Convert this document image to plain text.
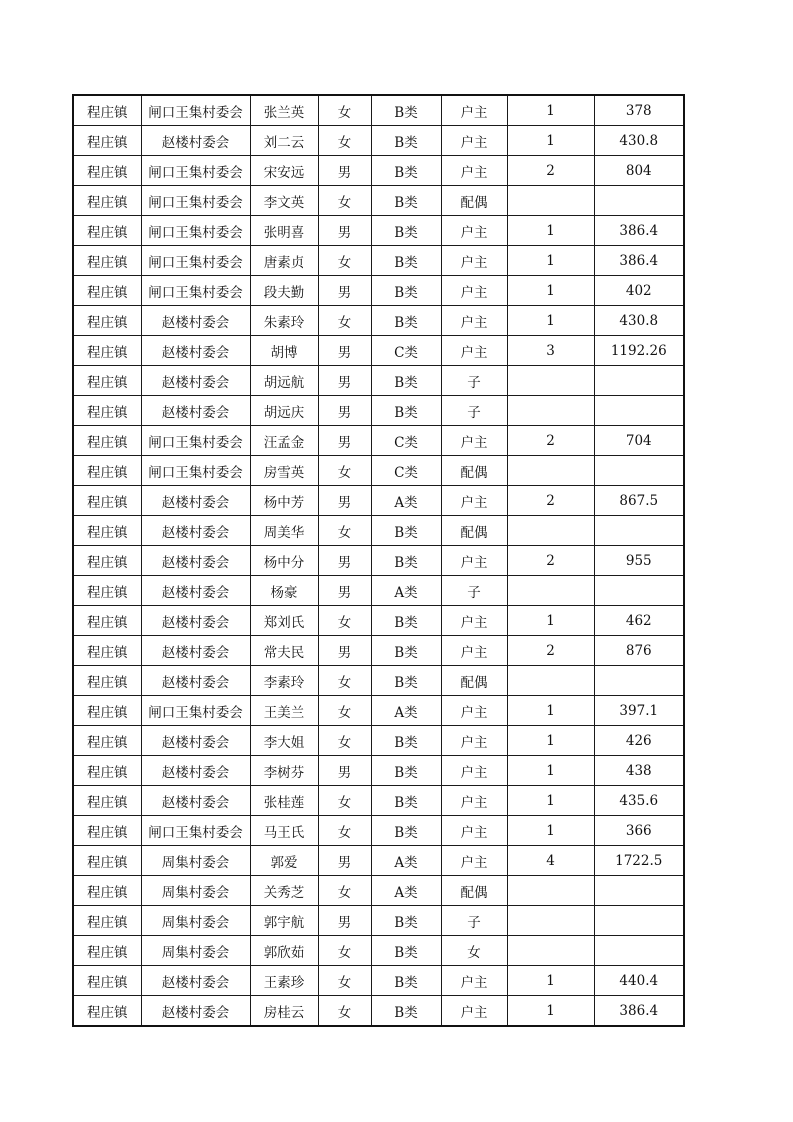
程庄镇	闸口王集村委会	张兰英	女	B类	户主	1	378
程庄镇	赵楼村委会	刘二云	女	B类	户主	1	430.8
程庄镇	闸口王集村委会	宋安远	男	B类	户主	2	804
程庄镇	闸口王集村委会	李文英	女	B类	配偶		
程庄镇	闸口王集村委会	张明喜	男	B类	户主	1	386.4
程庄镇	闸口王集村委会	唐素贞	女	B类	户主	1	386.4
程庄镇	闸口王集村委会	段夫勤	男	B类	户主	1	402
程庄镇	赵楼村委会	朱素玲	女	B类	户主	1	430.8
程庄镇	赵楼村委会	胡博	男	C类	户主	3	1192.26
程庄镇	赵楼村委会	胡远航	男	B类	子		
程庄镇	赵楼村委会	胡远庆	男	B类	子		
程庄镇	闸口王集村委会	汪孟金	男	C类	户主	2	704
程庄镇	闸口王集村委会	房雪英	女	C类	配偶		
程庄镇	赵楼村委会	杨中芳	男	A类	户主	2	867.5
程庄镇	赵楼村委会	周美华	女	B类	配偶		
程庄镇	赵楼村委会	杨中分	男	B类	户主	2	955
程庄镇	赵楼村委会	杨豪	男	A类	子		
程庄镇	赵楼村委会	郑刘氏	女	B类	户主	1	462
程庄镇	赵楼村委会	常夫民	男	B类	户主	2	876
程庄镇	赵楼村委会	李素玲	女	B类	配偶		
程庄镇	闸口王集村委会	王美兰	女	A类	户主	1	397.1
程庄镇	赵楼村委会	李大姐	女	B类	户主	1	426
程庄镇	赵楼村委会	李树芬	男	B类	户主	1	438
程庄镇	赵楼村委会	张桂莲	女	B类	户主	1	435.6
程庄镇	闸口王集村委会	马王氏	女	B类	户主	1	366
程庄镇	周集村委会	郭爱	男	A类	户主	4	1722.5
程庄镇	周集村委会	关秀芝	女	A类	配偶		
程庄镇	周集村委会	郭宇航	男	B类	子		
程庄镇	周集村委会	郭欣茹	女	B类	女		
程庄镇	赵楼村委会	王素珍	女	B类	户主	1	440.4
程庄镇	赵楼村委会	房桂云	女	B类	户主	1	386.4
